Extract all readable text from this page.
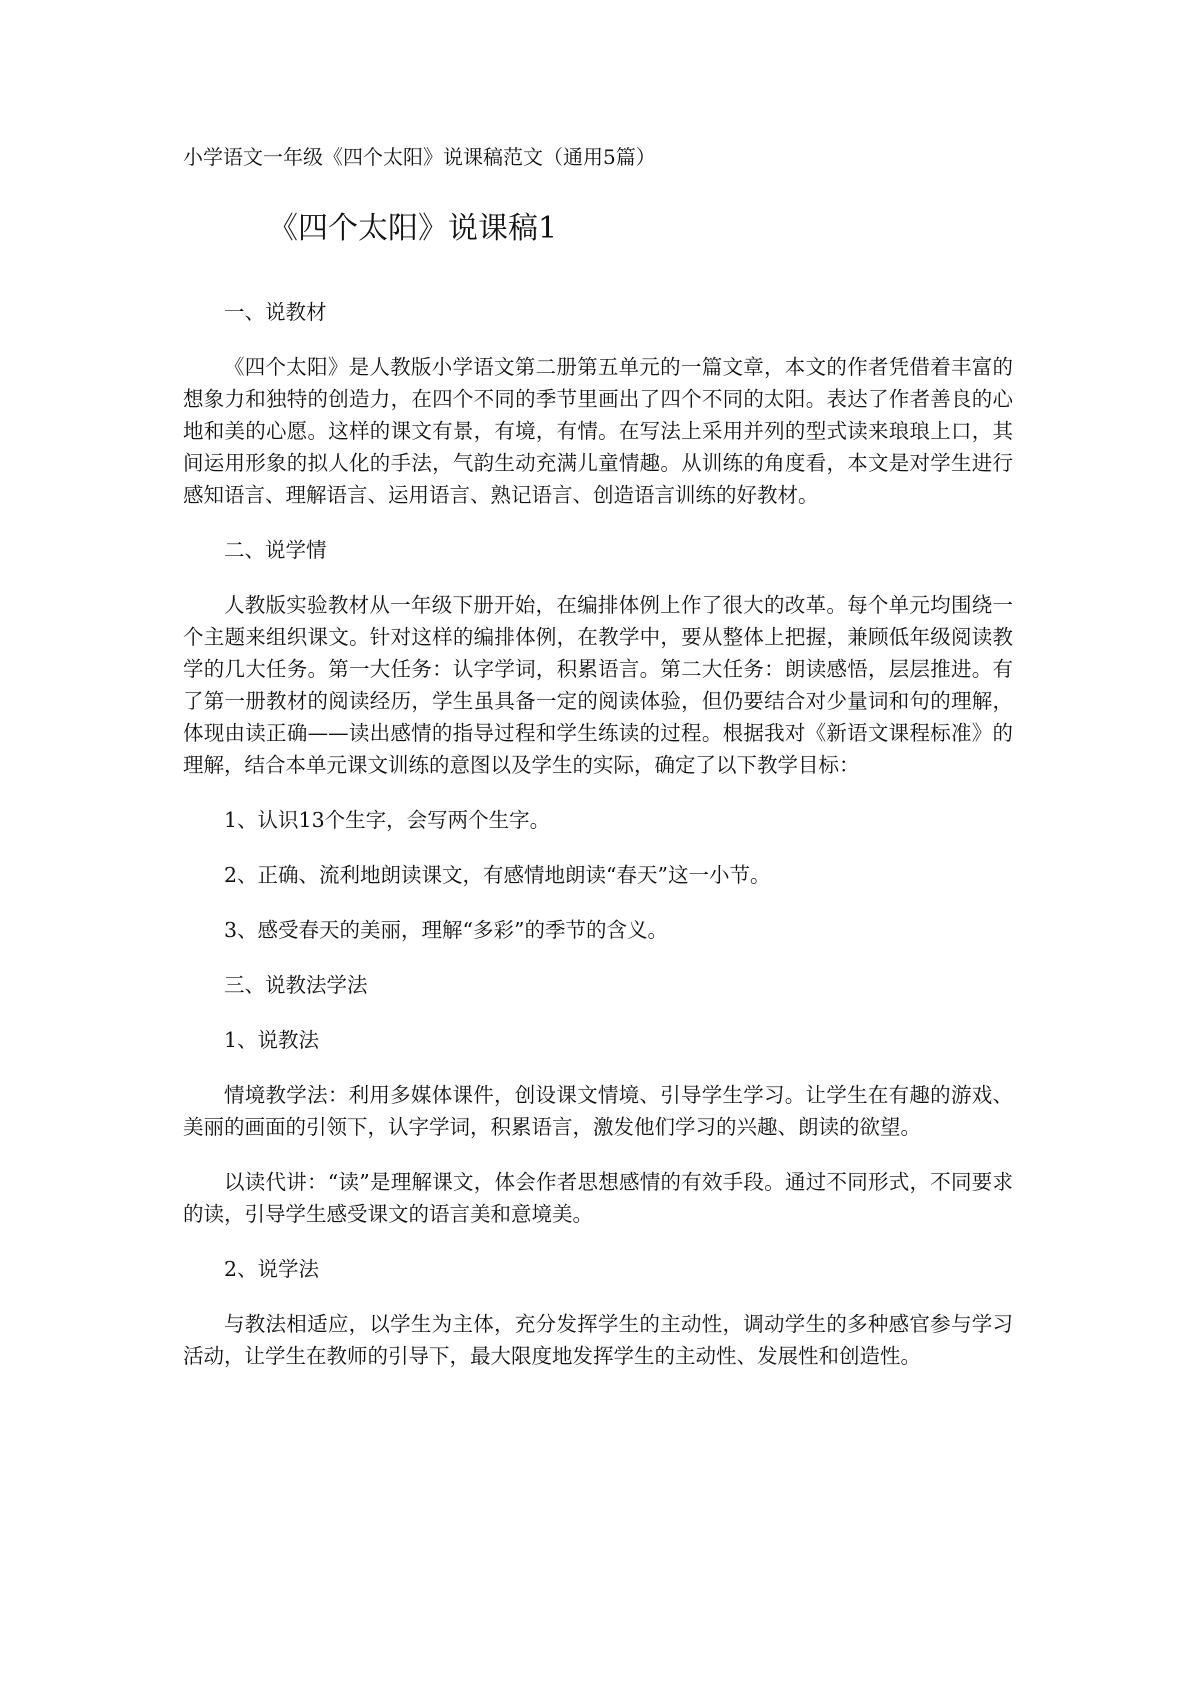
小学语文一年级《四个太阳》说课稿范文（通用5篇）
《四个太阳》说课稿1

一、说教材

《四个太阳》是人教版小学语文第二册第五单元的一篇文章，本文的作者凭借着丰富的想象力和独特的创造力，在四个不同的季节里画出了四个不同的太阳。表达了作者善良的心地和美的心愿。这样的课文有景，有境，有情。在写法上采用并列的型式读来琅琅上口，其间运用形象的拟人化的手法，气韵生动充满儿童情趣。从训练的角度看，本文是对学生进行感知语言、理解语言、运用语言、熟记语言、创造语言训练的好教材。

二、说学情

人教版实验教材从一年级下册开始，在编排体例上作了很大的改革。每个单元均围绕一个主题来组织课文。针对这样的编排体例，在教学中，要从整体上把握，兼顾低年级阅读教学的几大任务。第一大任务：认字学词，积累语言。第二大任务：朗读感悟，层层推进。有了第一册教材的阅读经历，学生虽具备一定的阅读体验，但仍要结合对少量词和句的理解，体现由读正确——读出感情的指导过程和学生练读的过程。根据我对《新语文课程标准》的理解，结合本单元课文训练的意图以及学生的实际，确定了以下教学目标：

1、认识13个生字，会写两个生字。

2、正确、流利地朗读课文，有感情地朗读“春天”这一小节。

3、感受春天的美丽，理解“多彩”的季节的含义。

三、说教法学法

1、说教法

情境教学法：利用多媒体课件，创设课文情境、引导学生学习。让学生在有趣的游戏、美丽的画面的引领下，认字学词，积累语言，激发他们学习的兴趣、朗读的欲望。

以读代讲：“读”是理解课文，体会作者思想感情的有效手段。通过不同形式，不同要求的读，引导学生感受课文的语言美和意境美。

2、说学法

与教法相适应，以学生为主体，充分发挥学生的主动性，调动学生的多种感官参与学习活动，让学生在教师的引导下，最大限度地发挥学生的主动性、发展性和创造性。
